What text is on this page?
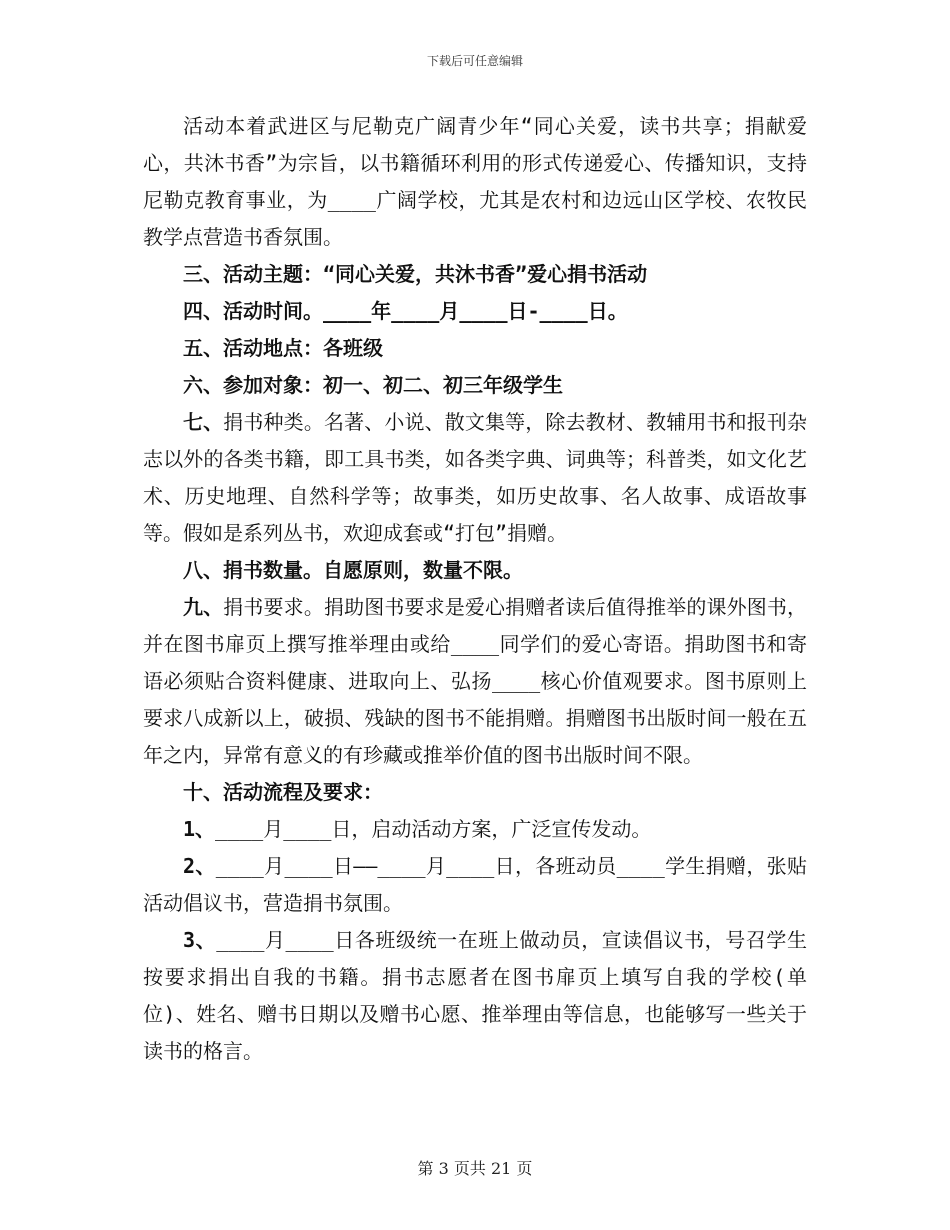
下载后可任意编辑

活动本着武进区与尼勒克广阔青少年“同心关爱，读书共享；捐献爱心，共沐书香”为宗旨，以书籍循环利用的形式传递爱心、传播知识，支持尼勒克教育事业，为____广阔学校，尤其是农村和边远山区学校、农牧民教学点营造书香氛围。

三、活动主题：“同心关爱，共沐书香”爱心捐书活动

四、活动时间。____年____月____日-____日。

五、活动地点：各班级

六、参加对象：初一、初二、初三年级学生

七、捐书种类。名著、小说、散文集等，除去教材、教辅用书和报刊杂志以外的各类书籍，即工具书类，如各类字典、词典等；科普类，如文化艺术、历史地理、自然科学等；故事类，如历史故事、名人故事、成语故事等。假如是系列丛书，欢迎成套或“打包”捐赠。

八、捐书数量。自愿原则，数量不限。

九、捐书要求。捐助图书要求是爱心捐赠者读后值得推举的课外图书，并在图书扉页上撰写推举理由或给____同学们的爱心寄语。捐助图书和寄语必须贴合资料健康、进取向上、弘扬____核心价值观要求。图书原则上要求八成新以上，破损、残缺的图书不能捐赠。捐赠图书出版时间一般在五年之内，异常有意义的有珍藏或推举价值的图书出版时间不限。

十、活动流程及要求：

1、____月____日，启动活动方案，广泛宣传发动。

2、____月____日——____月____日，各班动员____学生捐赠，张贴活动倡议书，营造捐书氛围。

3、____月____日各班级统一在班上做动员，宣读倡议书，号召学生按要求捐出自我的书籍。捐书志愿者在图书扉页上填写自我的学校(单位)、姓名、赠书日期以及赠书心愿、推举理由等信息，也能够写一些关于读书的格言。

第 3 页共 21 页
